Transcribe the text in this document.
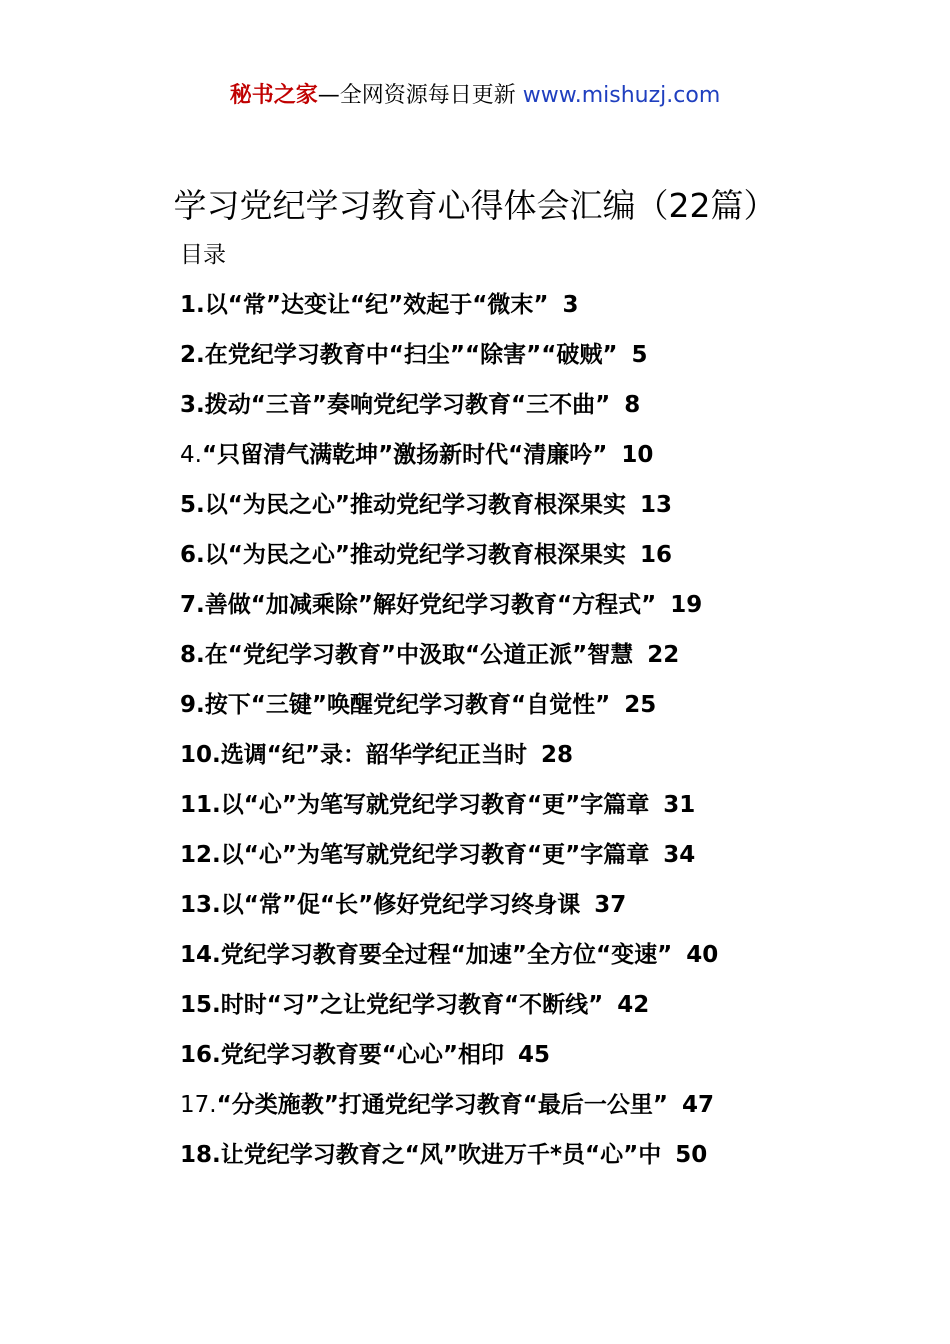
秘书之家—全网资源每日更新 www.mishuzj.com
学习党纪学习教育心得体会汇编（22篇）
目录
1.以“常”达变让“纪”效起于“微末” 3
2.在党纪学习教育中“扫尘”“除害”“破贼” 5
3.拨动“三音”奏响党纪学习教育“三不曲” 8
4.“只留清气满乾坤”激扬新时代“清廉吟” 10
5.以“为民之心”推动党纪学习教育根深果实 13
6.以“为民之心”推动党纪学习教育根深果实 16
7.善做“加减乘除”解好党纪学习教育“方程式” 19
8.在“党纪学习教育”中汲取“公道正派”智慧 22
9.按下“三键”唤醒党纪学习教育“自觉性” 25
10.选调“纪”录：韶华学纪正当时 28
11.以“心”为笔写就党纪学习教育“更”字篇章 31
12.以“心”为笔写就党纪学习教育“更”字篇章 34
13.以“常”促“长”修好党纪学习终身课 37
14.党纪学习教育要全过程“加速”全方位“变速” 40
15.时时“习”之让党纪学习教育“不断线” 42
16.党纪学习教育要“心心”相印 45
17.“分类施教”打通党纪学习教育“最后一公里” 47
18.让党纪学习教育之“风”吹进万千*员“心”中 50
